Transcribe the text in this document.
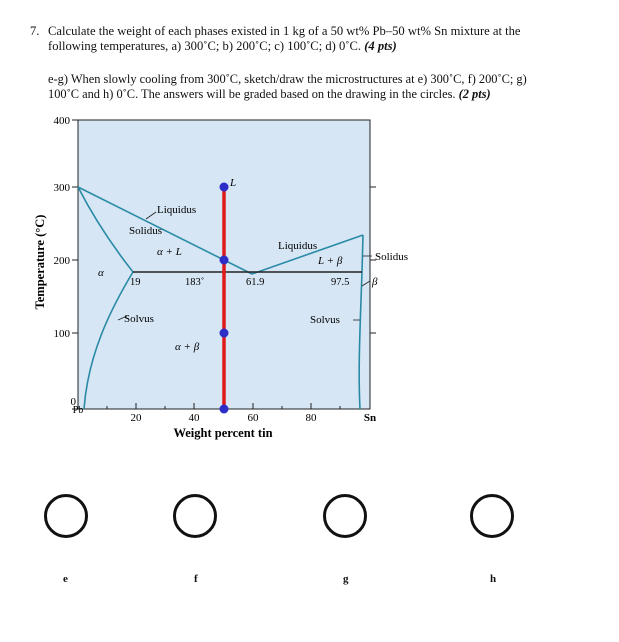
7. Calculate the weight of each phases existed in 1 kg of a 50 wt% Pb–50 wt% Sn mixture at the
following temperatures, a) 300˚C; b) 200˚C; c) 100˚C; d) 0˚C. (4 pts)
e-g) When slowly cooling from 300˚C, sketch/draw the microstructures at e) 300˚C, f) 200˚C; g)
100˚C and h) 0˚C. The answers will be graded based on the drawing in the circles. (2 pts)
400
300
200
100
0
Pb
20	40	60	80	Sn
Weight percent tin
Temperature (°C)
Liquidus
Solidus
α + L	Liquidus
L + β	Solidus
α
19	183˚	61.9	97.5 β
Solvus	Solvus
α + β
L
e	f	g	h
